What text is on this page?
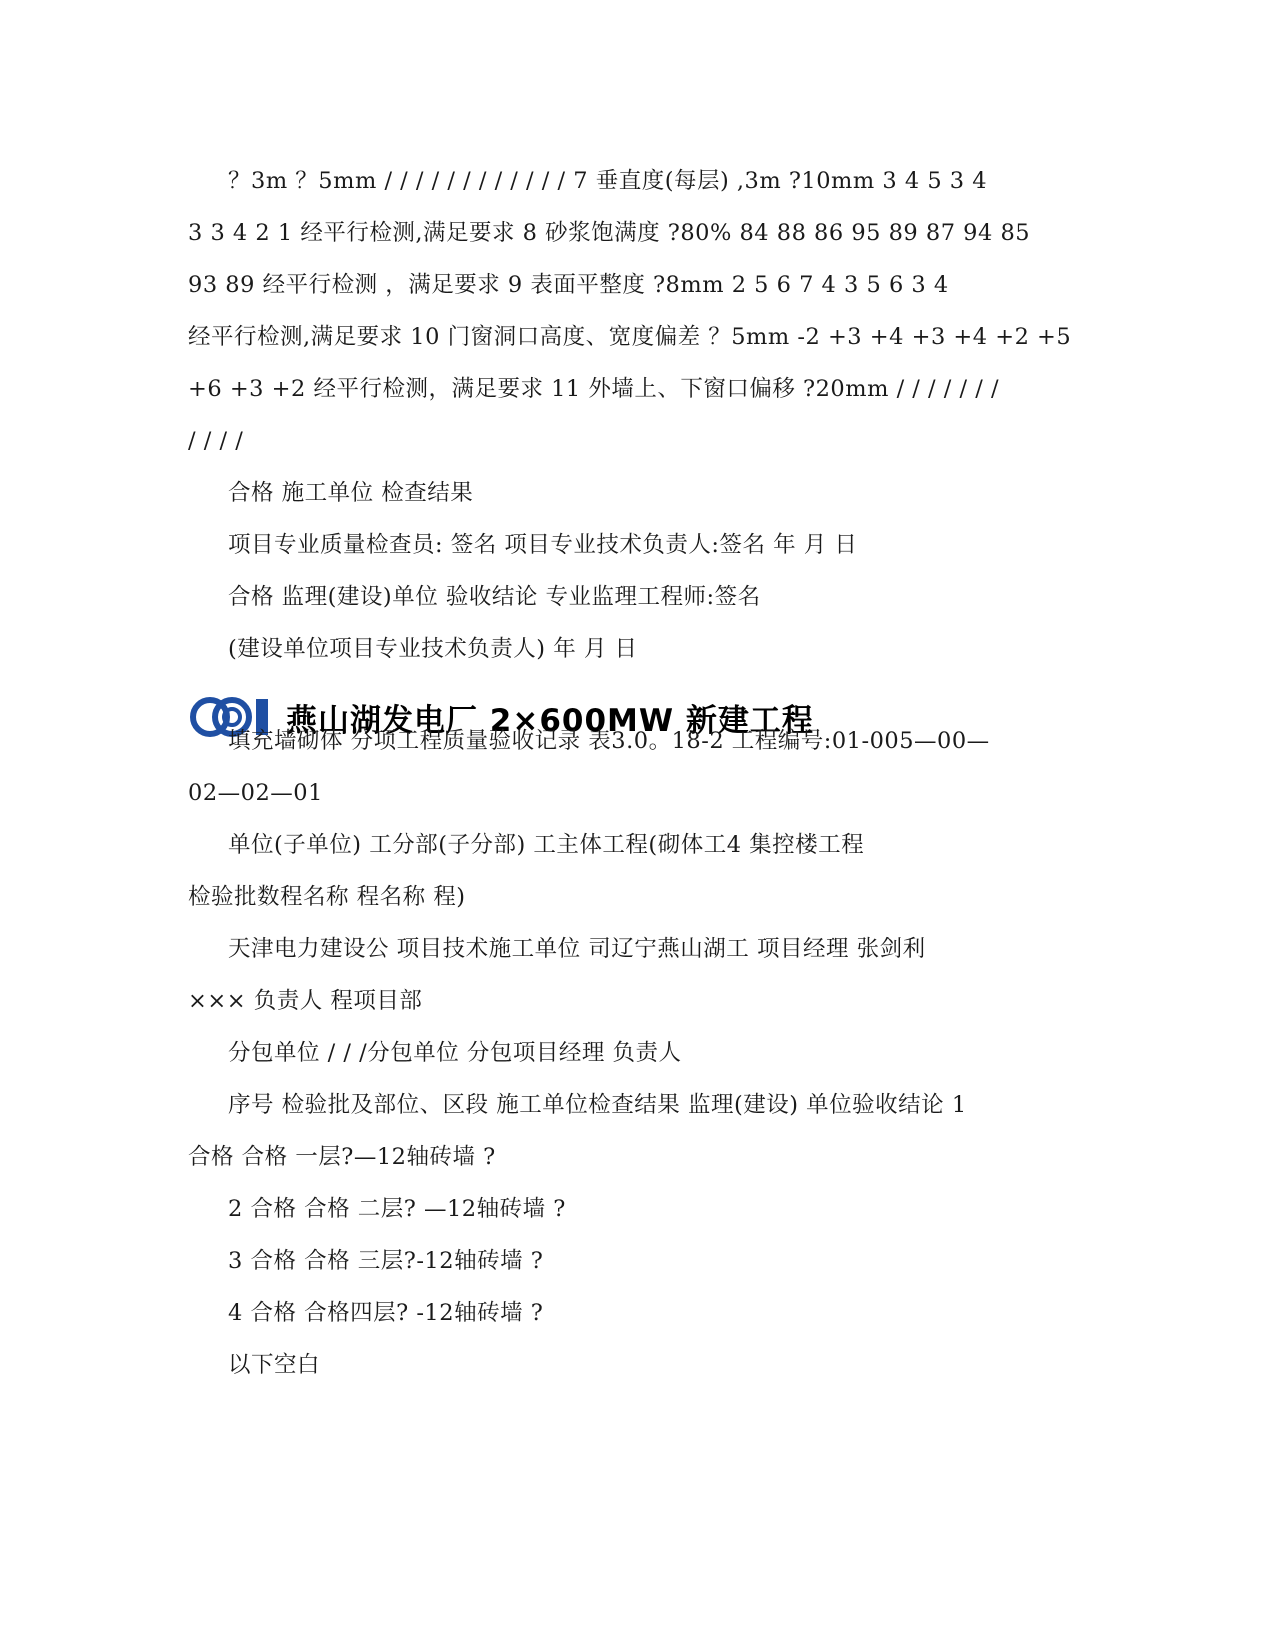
？3m ？5mm / / / / / / / / / / / / 7 垂直度(每层) ,3m ?10mm 3 4 5 3 4
3 3 4 2 1 经平行检测,满足要求 8 砂浆饱满度 ?80% 84 88 86 95 89 87 94 85
93 89 经平行检测 ，满足要求 9 表面平整度 ?8mm 2 5 6 7 4 3 5 6 3 4
经平行检测,满足要求 10 门窗洞口高度、宽度偏差 ？5mm -2 +3 +4 +3 +4 +2 +5
+6 +3 +2 经平行检测，满足要求 11 外墙上、下窗口偏移 ?20mm / / / / / / /
/ / / /
合格 施工单位 检查结果
项目专业质量检查员: 签名 项目专业技术负责人:签名 年 月 日
合格 监理(建设)单位 验收结论 专业监理工程师:签名
(建设单位项目专业技术负责人) 年 月 日
燕山湖发电厂 2×600MW 新建工程
填充墙砌体 分项工程质量验收记录 表3.0。18-2 工程编号:01-005—00—
02—02—01
单位(子单位) 工分部(子分部) 工主体工程(砌体工4 集控楼工程
检验批数程名称 程名称 程)
天津电力建设公 项目技术施工单位 司辽宁燕山湖工 项目经理 张剑利
××× 负责人 程项目部
分包单位 / / /分包单位 分包项目经理 负责人
序号 检验批及部位、区段 施工单位检查结果 监理(建设) 单位验收结论 1
合格 合格 一层?—12轴砖墙 ?
2 合格 合格 二层? —12轴砖墙 ?
3 合格 合格 三层?-12轴砖墙 ?
4 合格 合格四层? -12轴砖墙 ?
以下空白
